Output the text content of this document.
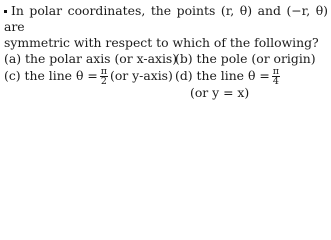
In polar coordinates, the points (r, θ) and (−r, θ) are
symmetric with respect to which of the following?
(a) the polar axis (or x-axis)
(b) the pole (or origin)
(c) the line $\theta = \frac{\pi}{2} (or$ y-axis) (d) the line $\theta = \frac{\pi}{4}$
(or y = x)
